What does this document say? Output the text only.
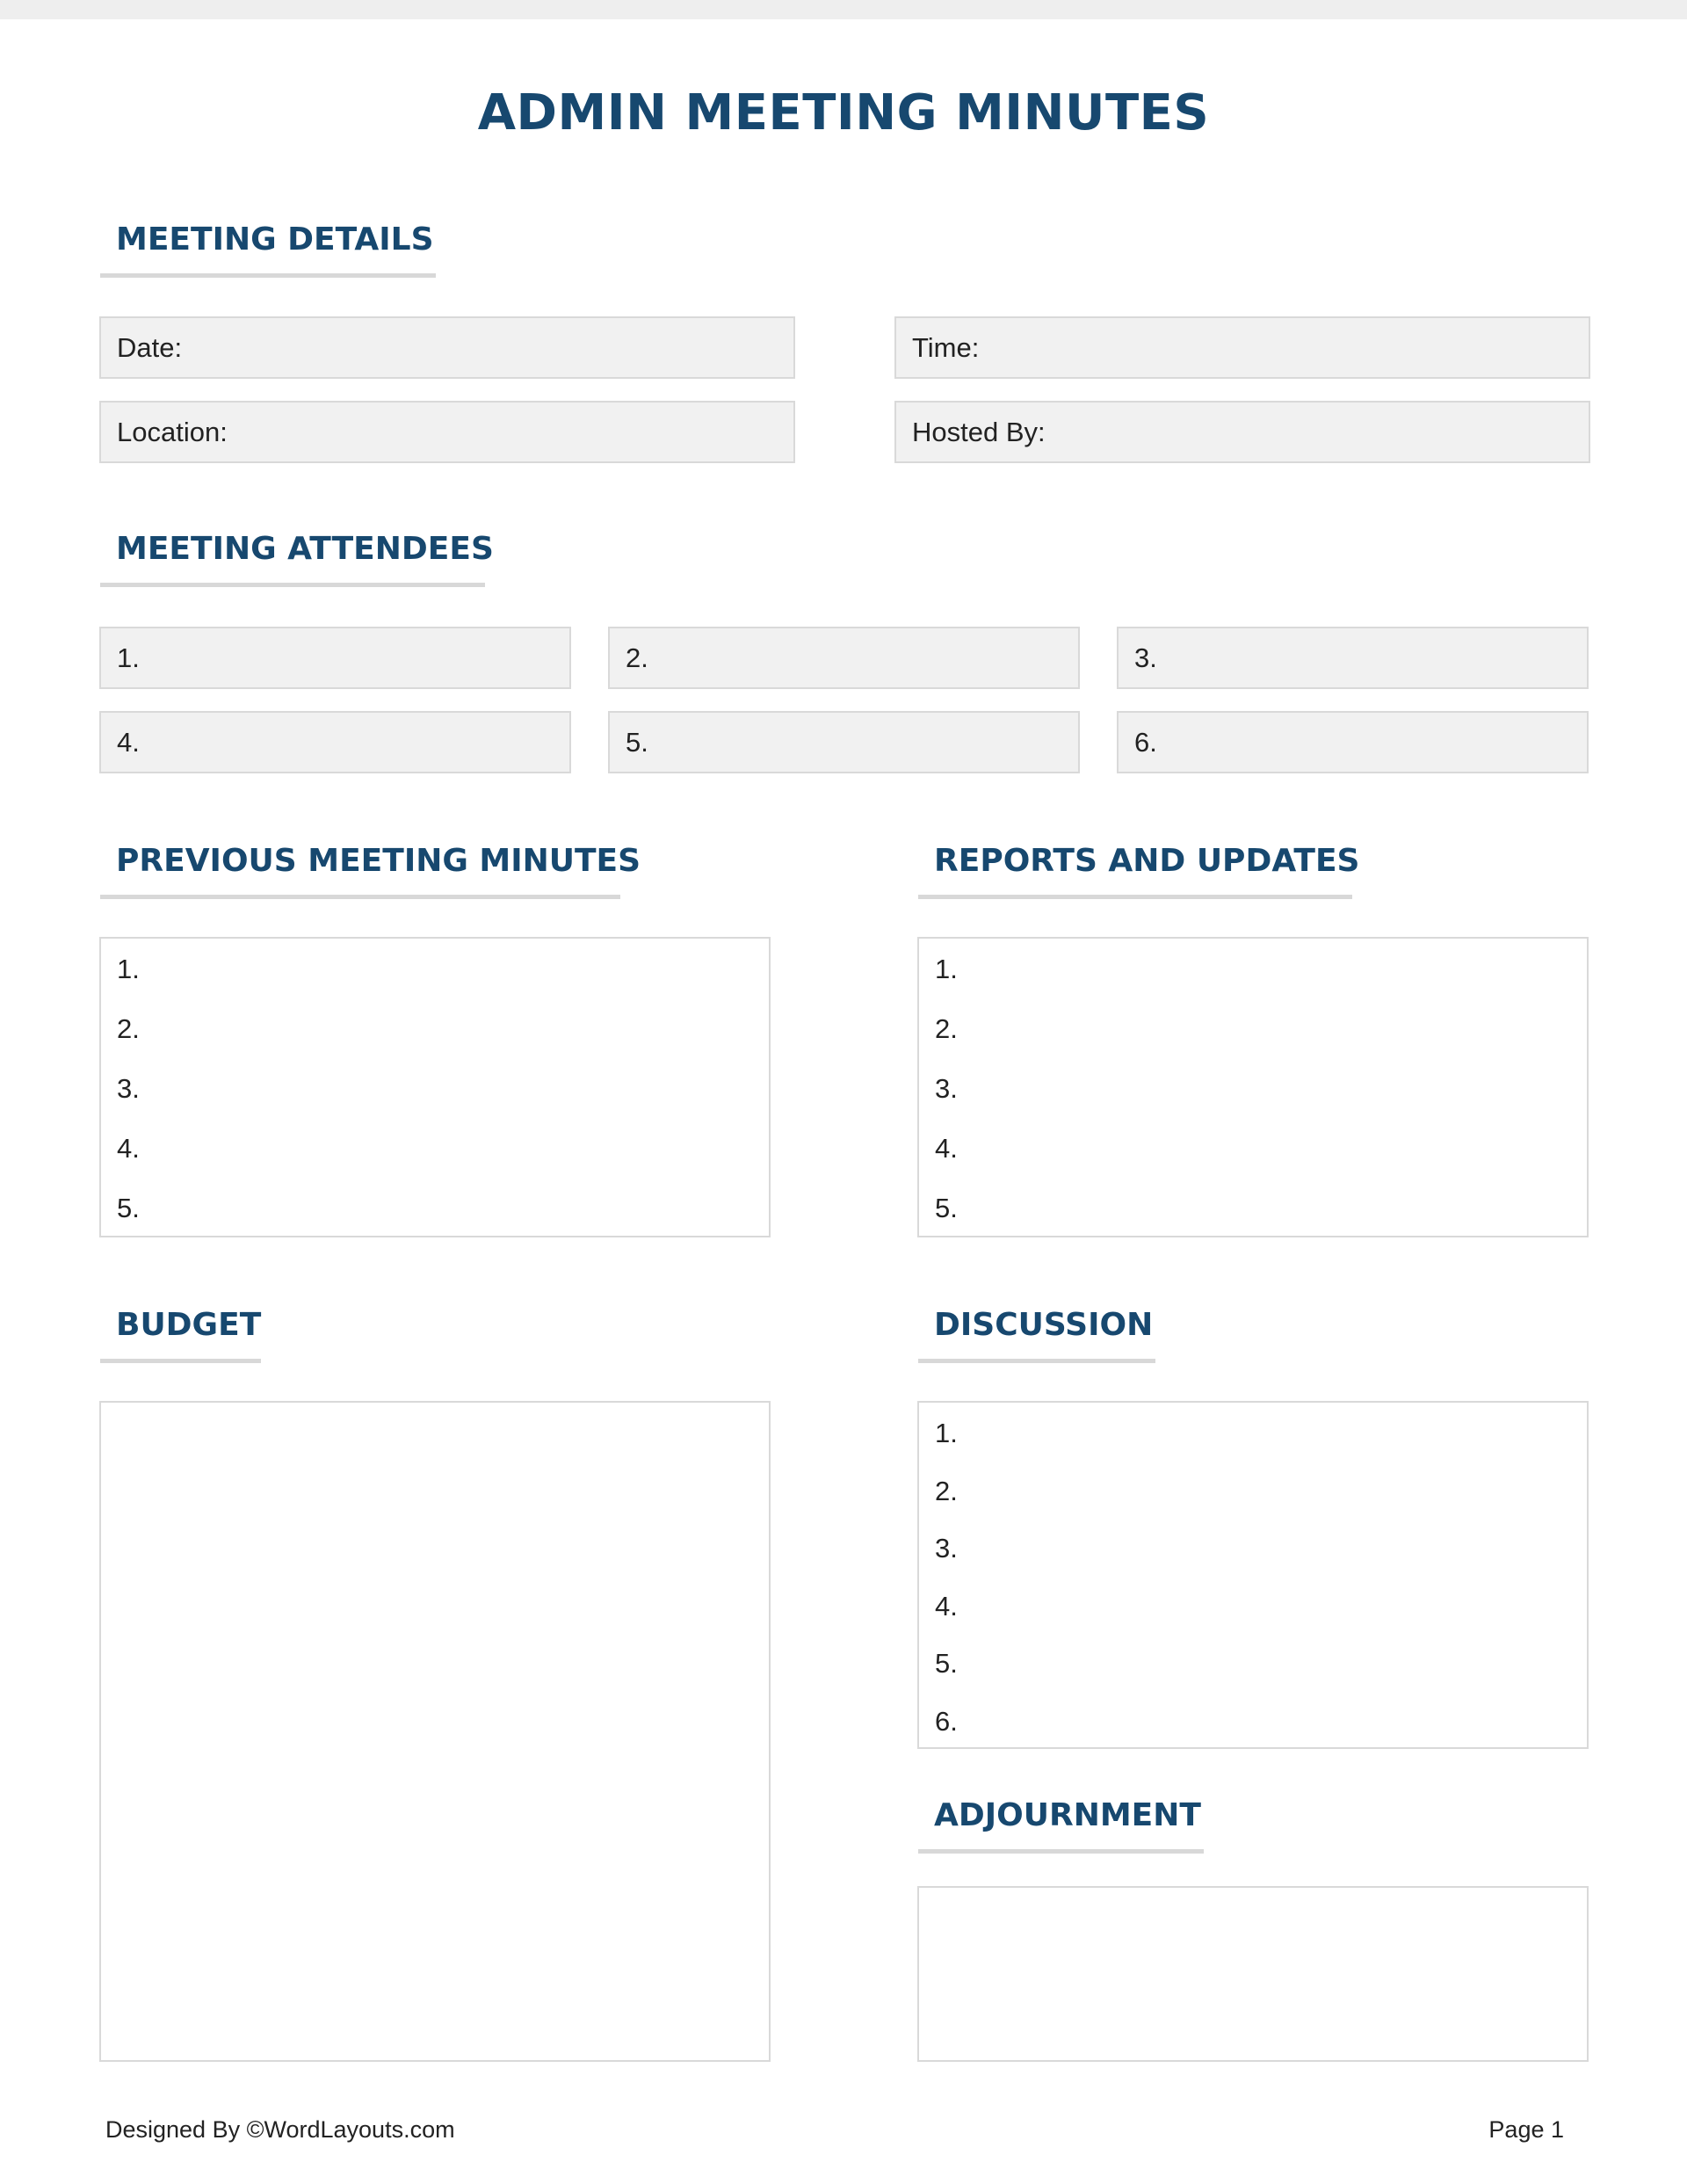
ADMIN MEETING MINUTES
MEETING DETAILS
Date:	Time:
Location:	Hosted By:
MEETING ATTENDEES
1.	2.	3.
4.	5.	6.
PREVIOUS MEETING MINUTES
1.
2.
3.
4.
5.
REPORTS AND UPDATES
1.
2.
3.
4.
5.
BUDGET	DISCUSSION
1.
2.
3.
4.
5.
6.
ADJOURNMENT
Designed By ©WordLayouts.com	Page 1
